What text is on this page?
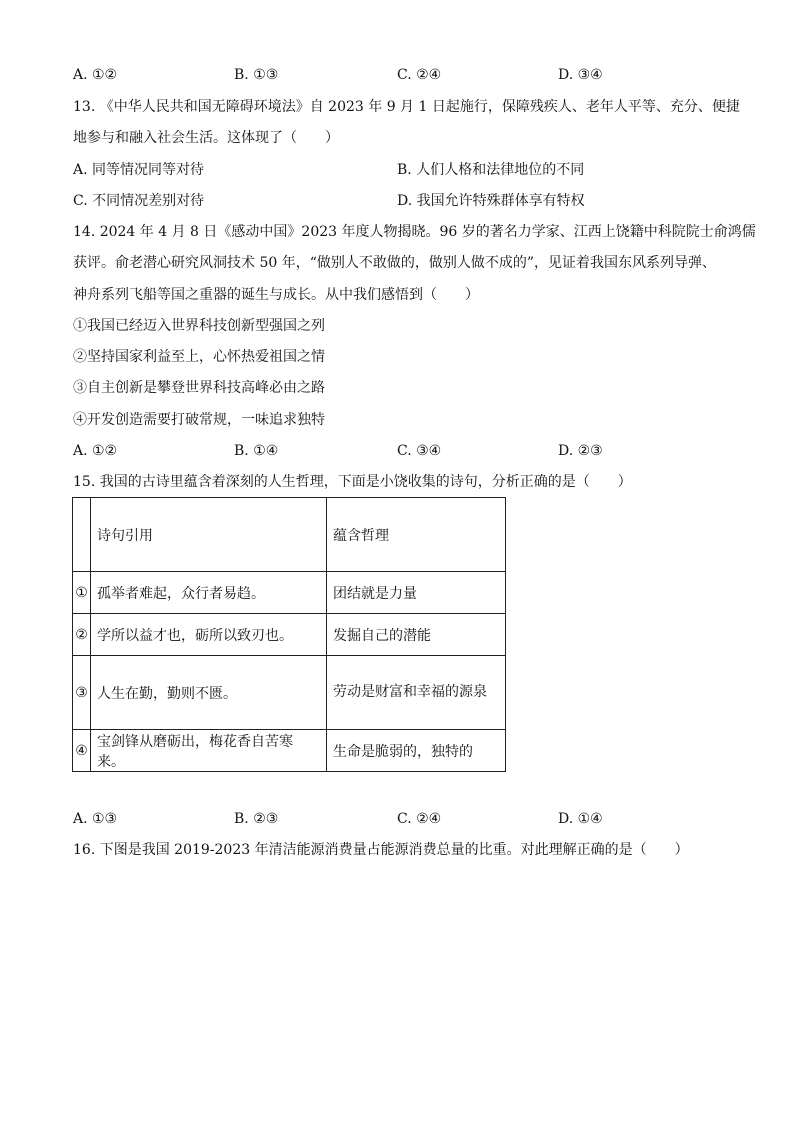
A. ①②	B. ①③	C. ②④	D. ③④
13. 《中华人民共和国无障碍环境法》自 2023 年 9 月 1 日起施行，保障残疾人、老年人平等、充分、便捷
地参与和融入社会生活。这体现了（　　）
A. 同等情况同等对待	B. 人们人格和法律地位的不同
C. 不同情况差别对待	D. 我国允许特殊群体享有特权
14. 2024 年 4 月 8 日《感动中国》2023 年度人物揭晓。96 岁的著名力学家、江西上饶籍中科院院士俞鸿儒
获评。俞老潜心研究风洞技术 50 年，“做别人不敢做的，做别人做不成的”，见证着我国东风系列导弹、
神舟系列飞船等国之重器的诞生与成长。从中我们感悟到（　　）
①我国已经迈入世界科技创新型强国之列
②坚持国家利益至上，心怀热爱祖国之情
③自主创新是攀登世界科技高峰必由之路
④开发创造需要打破常规，一味追求独特
A. ①②	B. ①④	C. ③④	D. ②③
15. 我国的古诗里蕴含着深刻的人生哲理，下面是小饶收集的诗句，分析正确的是（　　）
	诗句引用	蕴含哲理
①	孤举者难起，众行者易趋。	团结就是力量
②	学所以益才也，砺所以致刃也。	发掘自己的潜能
③	人生在勤，勤则不匮。	劳动是财富和幸福的源泉
④	宝剑锋从磨砺出，梅花香自苦寒来。	生命是脆弱的，独特的
A. ①③	B. ②③	C. ②④	D. ①④
16. 下图是我国 2019-2023 年清洁能源消费量占能源消费总量的比重。对此理解正确的是（　　）
